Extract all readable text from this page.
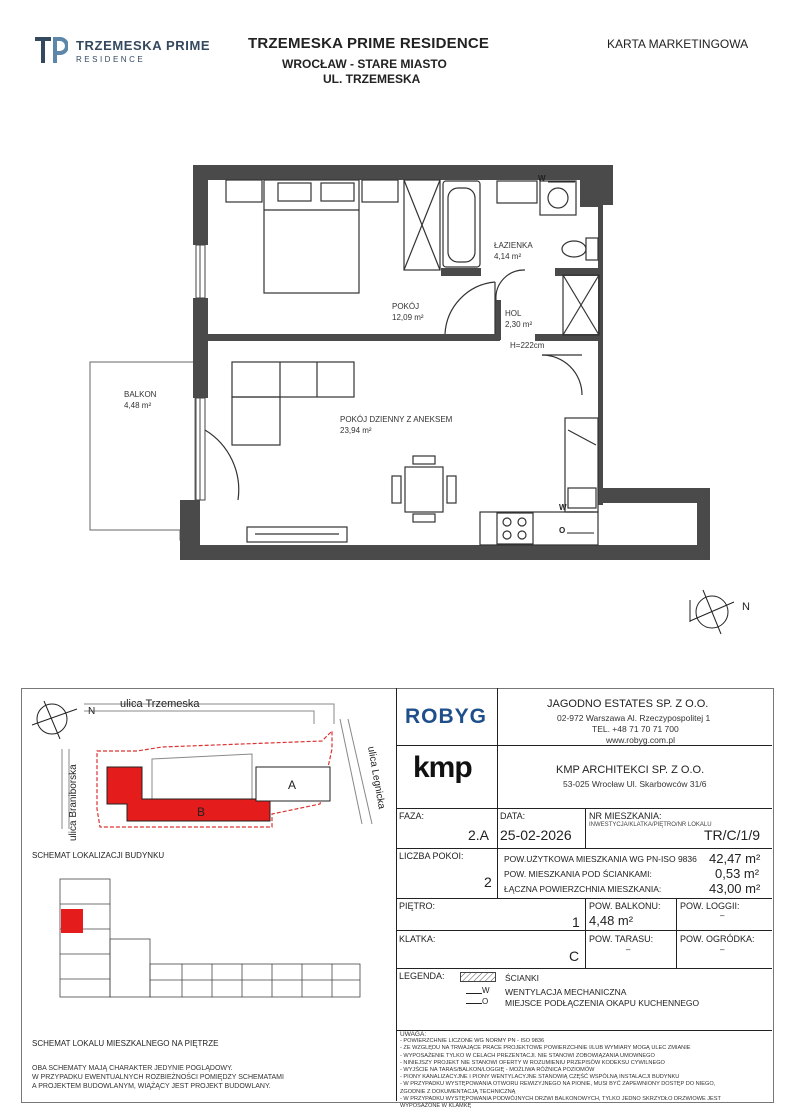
TRZEMESKA PRIME
RESIDENCE
TRZEMESKA PRIME RESIDENCE
WROCŁAW - STARE MIASTO
UL. TRZEMESKA
KARTA MARKETINGOWA
W
W
O
N
ŁAZIENKA
4,14 m²
POKÓJ
12,09 m²	HOL
2,30 m²
H=222cm
BALKON
4,48 m²
POKÓJ DZIENNY Z ANEKSEM
23,94 m²
ulica Trzemeska
B
A
ulica Braniborska	ulica Legnicka
N
SCHEMAT LOKALIZACJI BUDYNKU
SCHEMAT LOKALU MIESZKALNEGO NA PIĘTRZE
OBA SCHEMATY MAJĄ CHARAKTER JEDYNIE POGLĄDOWY.
W PRZYPADKU EWENTUALNYCH ROZBIEŻNOŚCI POMIĘDZY SCHEMATAMI
A PROJEKTEM BUDOWLANYM, WIĄŻĄCY JEST PROJEKT BUDOWLANY.
ROBYG
JAGODNO ESTATES SP. Z O.O.
02-972 Warszawa Al. Rzeczypospolitej 1
TEL. +48 71 70 71 700
www.robyg.com.pl
kmp	KMP ARCHITEKCI SP. Z O.O.
53-025 Wrocław Ul. Skarbowców 31/6
FAZA:
2.A
DATA:
25-02-2026
NR MIESZKANIA:
INWESTYCJA/KLATKA/PIĘTRO/NR LOKALU
TR/C/1/9
LICZBA POKOI:
2
POW.UŻYTKOWA MIESZKANIA WG PN-ISO 9836 42,47 m²
POW. MIESZKANIA POD ŚCIANKAMI:	0,53 m²
ŁĄCZNA POWIERZCHNIA MIESZKANIA:	43,00 m²
PIĘTRO:
1
POW. BALKONU:
4,48 m²
POW. LOGGII:
–
KLATKA:
C
POW. TARASU:
–
POW. OGRÓDKA:
–
LEGENDA:	ŚCIANKI
W WENTYLACJA MECHANICZNA
O MIEJSCE PODŁĄCZENIA OKAPU KUCHENNEGO
UWAGA:
- POWIERZCHNIE LICZONE WG NORMY PN - ISO 9836
- ZE WZGLĘDU NA TRWAJĄCE PRACE PROJEKTOWE POWIERZCHNIE I/LUB WYMIARY MOGĄ ULEC ZMIANIE
- WYPOSAŻENIE TYLKO W CELACH PREZENTACJI. NIE STANOWI ZOBOWIĄZANIA UMOWNEGO
- NINIEJSZY PROJEKT NIE STANOWI OFERTY W ROZUMIENIU PRZEPISÓW KODEKSU CYWILNEGO
- WYJŚCIE NA TARAS/BALKON/LOGGIĘ - MOŻLIWA RÓŻNICA POZIOMÓW
- PIONY KANALIZACYJNE I PIONY WENTYLACYJNE STANOWIĄ CZĘŚĆ WSPÓLNĄ INSTALACJI BUDYNKU
- W PRZYPADKU WYSTĘPOWANIA OTWORU REWIZYJNEGO NA PIONIE, MUSI BYĆ ZAPEWNIONY DOSTĘP DO NIEGO,
ZGODNIE Z DOKUMENTACJĄ TECHNICZNĄ
- W PRZYPADKU WYSTĘPOWANIA PODWÓJNYCH DRZWI BALKONOWYCH, TYLKO JEDNO SKRZYDŁO DRZWIOWE JEST
WYPOSAŻONE W KLAMKĘ
